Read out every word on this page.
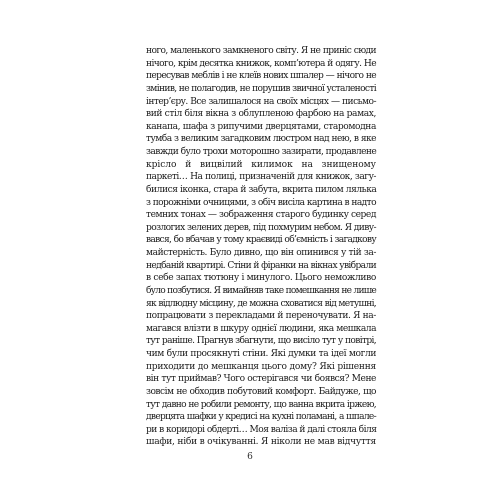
ного, маленького замкненого світу. Я не приніс сюди
нічого, крім десятка книжок, комп’ютера й одягу. Не
пересував меблів і не клеїв нових шпалер — нічого не
змінив, не полагодив, не порушив звичної усталеності
інтер’єру. Все залишалося на своїх місцях — письмо-
вий стіл біля вікна з облупленою фарбою на рамах,
канапа, шафа з рипучими дверцятами, старомодна
тумба з великим загадковим люстром над нею, в яке
завжди було трохи моторошно зазирати, продавлене
крісло й вицвілий килимок на знищеному
паркеті… На полиці, призначеній для книжок, загу-
билися іконка, стара й забута, вкрита пилом лялька
з порожніми очницями, з обіч висіла картина в надто
темних тонах — зображення старого будинку серед
розлогих зелених дерев, під похмурим небом. Я диву-
вався, бо вбачав у тому краєвиді об’ємність і загадкову
майстерність. Було дивно, що він опинився у тій за-
недбаній квартирі. Стіни й фіранки на вікнах увібрали
в себе запах тютюну і минулого. Цього неможливо
було позбутися. Я вимайняв таке помешкання не лише
як відлюдну місцину, де можна сховатися від метушні,
попрацювати з перекладами й переночувати. Я на-
магався влізти в шкуру однієї людини, яка мешкала
тут раніше. Прагнув збагнути, що висіло тут у повітрі,
чим були просякнуті стіни. Які думки та ідеї могли
приходити до мешканця цього дому? Які рішення
він тут приймав? Чого остерігався чи боявся? Мене
зовсім не обходив побутовий комфорт. Байдуже, що
тут давно не робили ремонту, що ванна вкрита іржею,
дверцята шафки у кредисі на кухні поламані, а шпале-
ри в коридорі обдерті… Моя валіза й далі стояла біля
шафи, ніби в очікуванні. Я ніколи не мав відчуття
6
